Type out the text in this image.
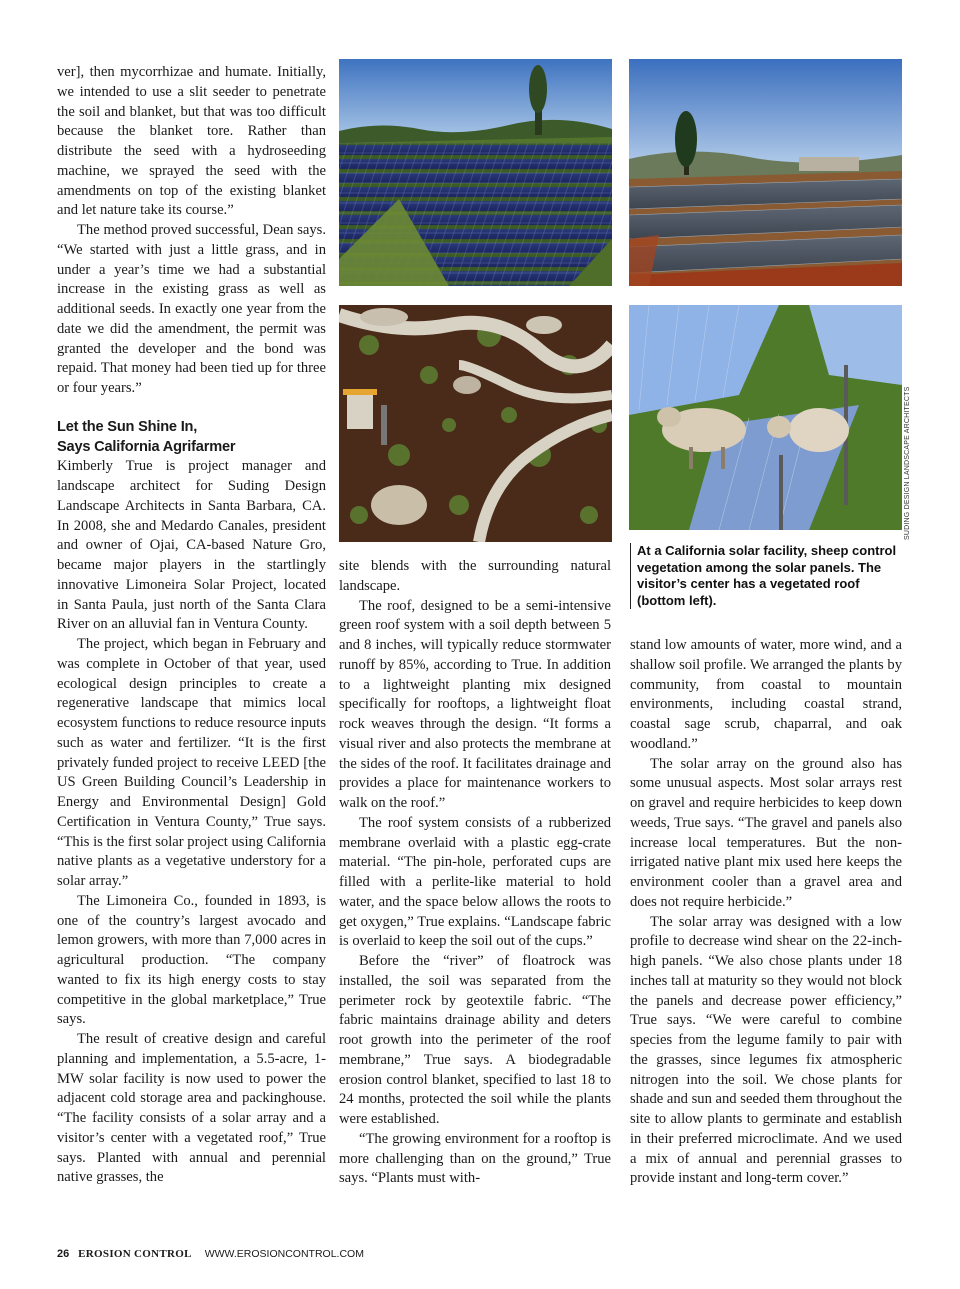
ver], then mycorrhizae and humate. Initially, we intended to use a slit seeder to penetrate the soil and blanket, but that was too difficult because the blanket tore. Rather than distribute the seed with a hydroseeding machine, we sprayed the seed with the amendments on top of the existing blanket and let nature take its course.”

The method proved successful, Dean says. “We started with just a little grass, and in under a year’s time we had a substantial increase in the existing grass as well as additional seeds. In exactly one year from the date we did the amendment, the permit was granted the developer and the bond was repaid. That money had been tied up for three or four years.”

Let the Sun Shine In,
Says California Agrifarmer

Kimberly True is project manager and landscape architect for Suding Design Landscape Architects in Santa Barbara, CA. In 2008, she and Medardo Canales, president and owner of Ojai, CA-based Nature Gro, became major players in the startlingly innovative Limoneira Solar Project, located in Santa Paula, just north of the Santa Clara River on an alluvial fan in Ventura County.

The project, which began in February and was complete in October of that year, used ecological design principles to create a regenerative landscape that mimics local ecosystem functions to reduce resource inputs such as water and fertilizer. “It is the first privately funded project to receive LEED [the US Green Building Council’s Leadership in Energy and Environmental Design] Gold Certification in Ventura County,” True says. “This is the first solar project using California native plants as a vegetative understory for a solar array.”

The Limoneira Co., founded in 1893, is one of the country’s largest avocado and lemon growers, with more than 7,000 acres in agricultural production. “The company wanted to fix its high energy costs to stay competitive in the global marketplace,” True says.

The result of creative design and careful planning and implementation, a 5.5-acre, 1-MW solar facility is now used to power the adjacent cold storage area and packinghouse. “The facility consists of a solar array and a visitor’s center with a vegetated roof,” True says. Planted with annual and perennial native grasses, the

SUDING DESIGN LANDSCAPE ARCHITECTS
At a California solar facility, sheep control vegetation among the solar panels. The visitor’s center has a vegetated roof (bottom left).

site blends with the surrounding natural landscape.

The roof, designed to be a semi-intensive green roof system with a soil depth between 5 and 8 inches, will typically reduce stormwater runoff by 85%, according to True. In addition to a lightweight planting mix designed specifically for rooftops, a lightweight float rock weaves through the design. “It forms a visual river and also protects the membrane at the sides of the roof. It facilitates drainage and provides a place for maintenance workers to walk on the roof.”

The roof system consists of a rubberized membrane overlaid with a plastic egg-crate material. “The pin-hole, perforated cups are filled with a perlite-like material to hold water, and the space below allows the roots to get oxygen,” True explains. “Landscape fabric is overlaid to keep the soil out of the cups.”

Before the “river” of floatrock was installed, the soil was separated from the perimeter rock by geotextile fabric. “The fabric maintains drainage ability and deters root growth into the perimeter of the roof membrane,” True says. A biodegradable erosion control blanket, specified to last 18 to 24 months, protected the soil while the plants were established.

“The growing environment for a rooftop is more challenging than on the ground,” True says. “Plants must with-

stand low amounts of water, more wind, and a shallow soil profile. We arranged the plants by community, from coastal to mountain environments, including coastal strand, coastal sage scrub, chaparral, and oak woodland.”

The solar array on the ground also has some unusual aspects. Most solar arrays rest on gravel and require herbicides to keep down weeds, True says. “The gravel and panels also increase local temperatures. But the non-irrigated native plant mix used here keeps the environment cooler than a gravel area and does not require herbicide.”

The solar array was designed with a low profile to decrease wind shear on the 22-inch-high panels. “We also chose plants under 18 inches tall at maturity so they would not block the panels and decrease power efficiency,” True says. “We were careful to combine species from the legume family to pair with the grasses, since legumes fix atmospheric nitrogen into the soil. We chose plants for shade and sun and seeded them throughout the site to allow plants to germinate and establish in their preferred microclimate. And we used a mix of annual and perennial grasses to provide instant and long-term cover.”

26 EROSION CONTROL WWW.EROSIONCONTROL.COM
